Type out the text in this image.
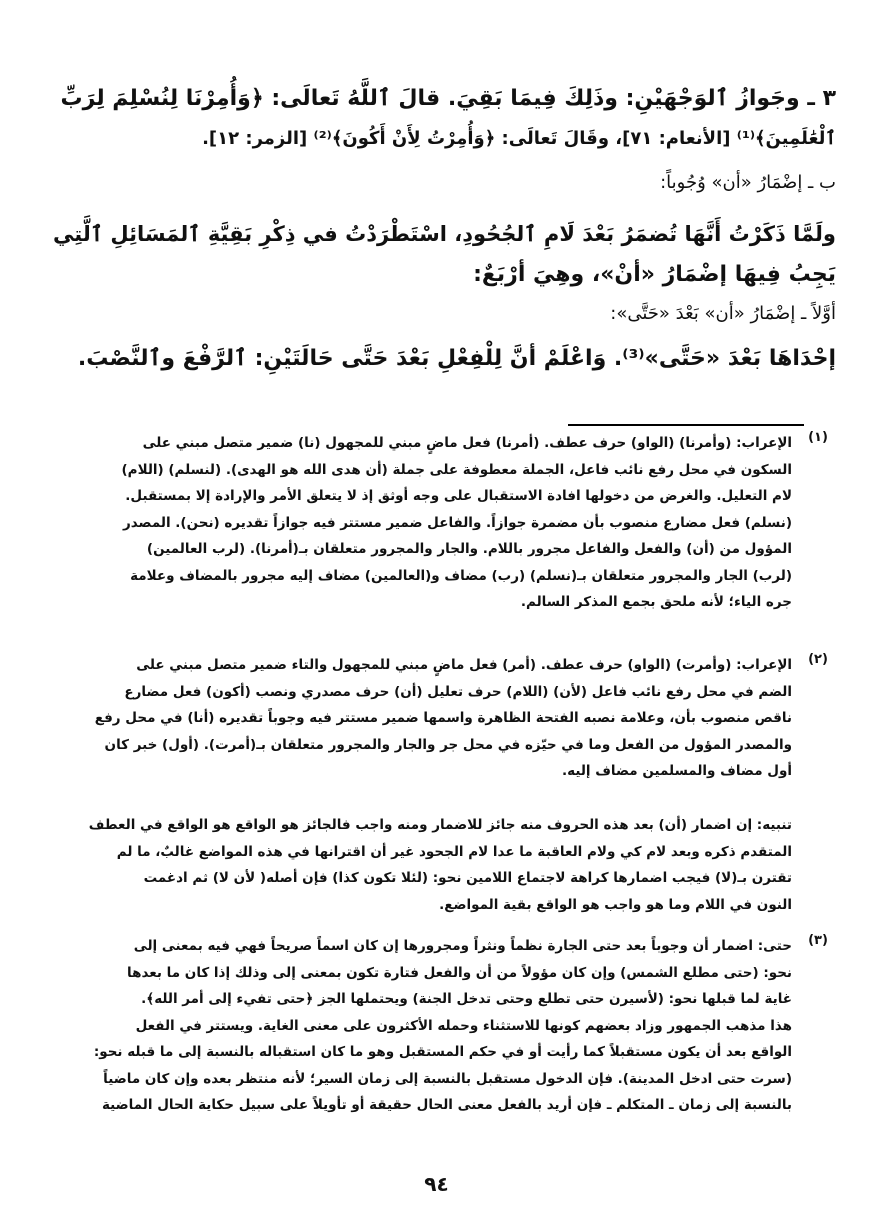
٣ ـ وجَوازُ ٱلوَجْهَيْنِ: وذَلِكَ فِيمَا بَقِيَ. قالَ ٱللَّهُ تَعالَى: ﴿وَأُمِرْنَا لِنُسْلِمَ لِرَبِّ
ٱلْعَٰلَمِينَ﴾⁽¹⁾ [الأنعام: ٧١]، وقَالَ تَعالَى: ﴿وَأُمِرْتُ لِأَنْ أَكُونَ﴾⁽²⁾ [الزمر: ١٢].
ب ـ إضْمَارُ «أن» وُجُوباً:
ولَمَّا ذَكَرْتُ أَنَّهَا تُضمَرُ بَعْدَ لَامِ ٱلجُحُودِ، اسْتَطْرَدْتُ في ذِكْرِ بَقِيَّةِ ٱلمَسَائِلِ ٱلَّتِي
يَجِبُ فِيهَا إضْمَارُ «أنْ»، وهِيَ أرْبَعٌ:
أوَّلاً ـ إضْمَارُ «أن» بَعْدَ «حَتَّى»:
إحْدَاهَا بَعْدَ «حَتَّى»⁽³⁾. وَاعْلَمْ أنَّ لِلْفِعْلِ بَعْدَ حَتَّى حَالَتَيْنِ: ٱلرَّفْعَ وٱلنَّصْبَ.
(١)
الإعراب: (وأمرنا) (الواو) حرف عطف. (أمرنا) فعل ماضٍ مبني للمجهول (نا) ضمير متصل مبني على
السكون في محل رفع نائب فاعل، الجملة معطوفة على جملة (أن هدى الله هو الهدى). (لنسلم) (اللام)
لام التعليل. والغرض من دخولها افادة الاستقبال على وجه أوثق إذ لا يتعلق الأمر والإرادة إلا بمستقبل.
(نسلم) فعل مضارع منصوب بأن مضمرة جوازاً. والفاعل ضمير مستتر فيه جوازاً تقديره (نحن). المصدر
المؤول من (أن) والفعل والفاعل مجرور باللام. والجار والمجرور متعلقان بـ(أمرنا). (لرب العالمين)
(لرب) الجار والمجرور متعلقان بـ(نسلم) (رب) مضاف و(العالمين) مضاف إليه مجرور بالمضاف وعلامة
جره الياء؛ لأنه ملحق بجمع المذكر السالم.
(٢)
الإعراب: (وأمرت) (الواو) حرف عطف. (أمر) فعل ماضٍ مبني للمجهول والتاء ضمير متصل مبني على
الضم في محل رفع نائب فاعل (لأن) (اللام) حرف تعليل (أن) حرف مصدري ونصب (أكون) فعل مضارع
ناقص منصوب بأن، وعلامة نصبه الفتحة الظاهرة واسمها ضمير مستتر فيه وجوباً تقديره (أنا) في محل رفع
والمصدر المؤول من الفعل وما في حيّزه في محل جر والجار والمجرور متعلقان بـ(أمرت). (أول) خبر كان
أول مضاف والمسلمين مضاف إليه.
تنبيه: إن اضمار (أن) بعد هذه الحروف منه جائز للاضمار ومنه واجب فالجائز هو الواقع هو الواقع في العطف
المتقدم ذكره وبعد لام كي ولام العاقبة ما عدا لام الجحود غير أن اقترانها في هذه المواضع غالبٌ، ما لم
تقترن بـ(لا) فيجب اضمارها كراهة لاجتماع اللامين نحو: (لئلا تكون كذا) فإن أصله( لأن لا) ثم ادغمت
النون في اللام وما هو واجب هو الواقع بقية المواضع.
(٣)
حتى: اضمار أن وجوباً بعد حتى الجارة نظماً ونثراً ومجرورها إن كان اسماً صريحاً فهي فيه بمعنى إلى
نحو: (حتى مطلع الشمس) وإن كان مؤولاً من أن والفعل فتارة تكون بمعنى إلى وذلك إذا كان ما بعدها
غاية لما قبلها نحو: (لأسيرن حتى تطلع وحتى تدخل الجنة) ويحتملها الجز ﴿حتى تفيء إلى أمر الله﴾.
هذا مذهب الجمهور وزاد بعضهم كونها للاستثناء وحمله الأكثرون على معنى الغاية. ويستتر في الفعل
الواقع بعد أن يكون مستقبلاً كما رأيت أو في حكم المستقبل وهو ما كان استقباله بالنسبة إلى ما قبله نحو:
(سرت حتى ادخل المدينة). فإن الدخول مستقبل بالنسبة إلى زمان السير؛ لأنه منتظر بعده وإن كان ماضياً
بالنسبة إلى زمان ـ المتكلم ـ فإن أريد بالفعل معنى الحال حقيقة أو تأويلاً على سبيل حكاية الحال الماضية
٩٤
